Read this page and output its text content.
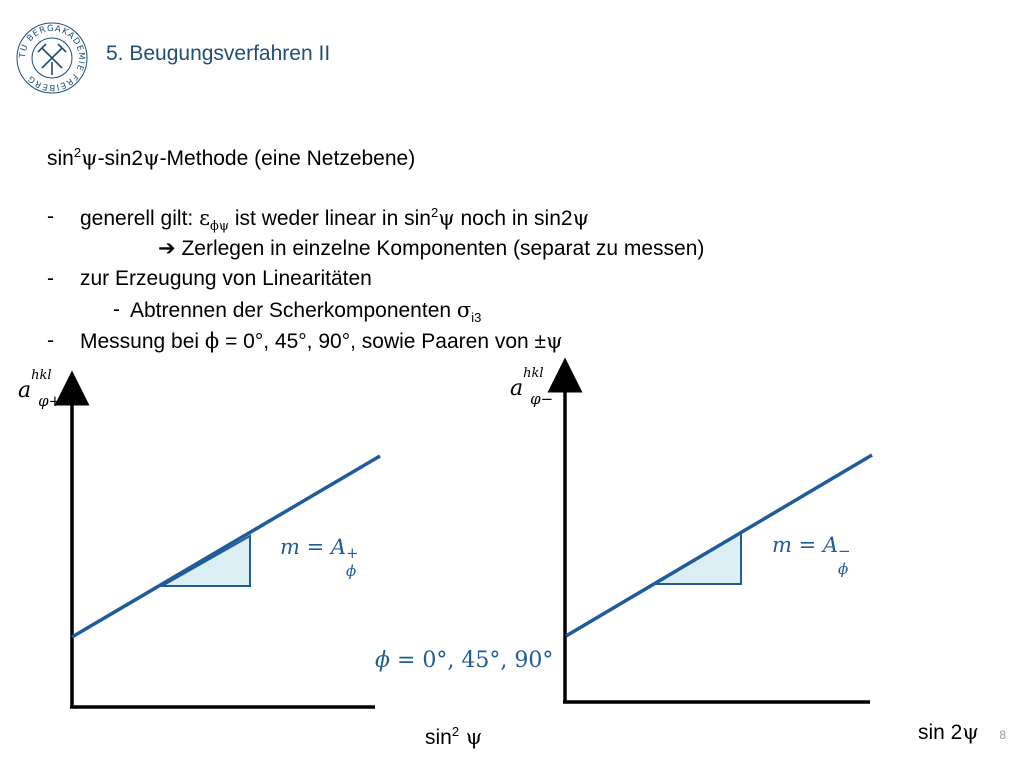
TU BERGAKADEMIE FREIBERG
5. Beugungsverfahren II
$\sin^2\psi-\sin 2\psi$-Methode (eine Netzebene)
- generell gilt: $\varepsilon_{\phi\psi}$ ist weder linear in $\sin^2\psi$ noch in sin2ψ
➔ Zerlegen in einzelne Komponenten (separat zu messen)
- zur Erzeugung von Linearitäten
- Abtrennen der Scherkomponenten $\sigma_{i3}$
- Messung bei ϕ = 0°, 45°, 90°, sowie Paaren von ±ψ
a
hkl
$_{\varphi+}$
$\sin^2 \psi$
m = A +
ϕ
a
hkl
$_{\varphi-}$
sin 2ψ
m = A −
ϕ
ϕ = 0°, 45°, 90°
8
